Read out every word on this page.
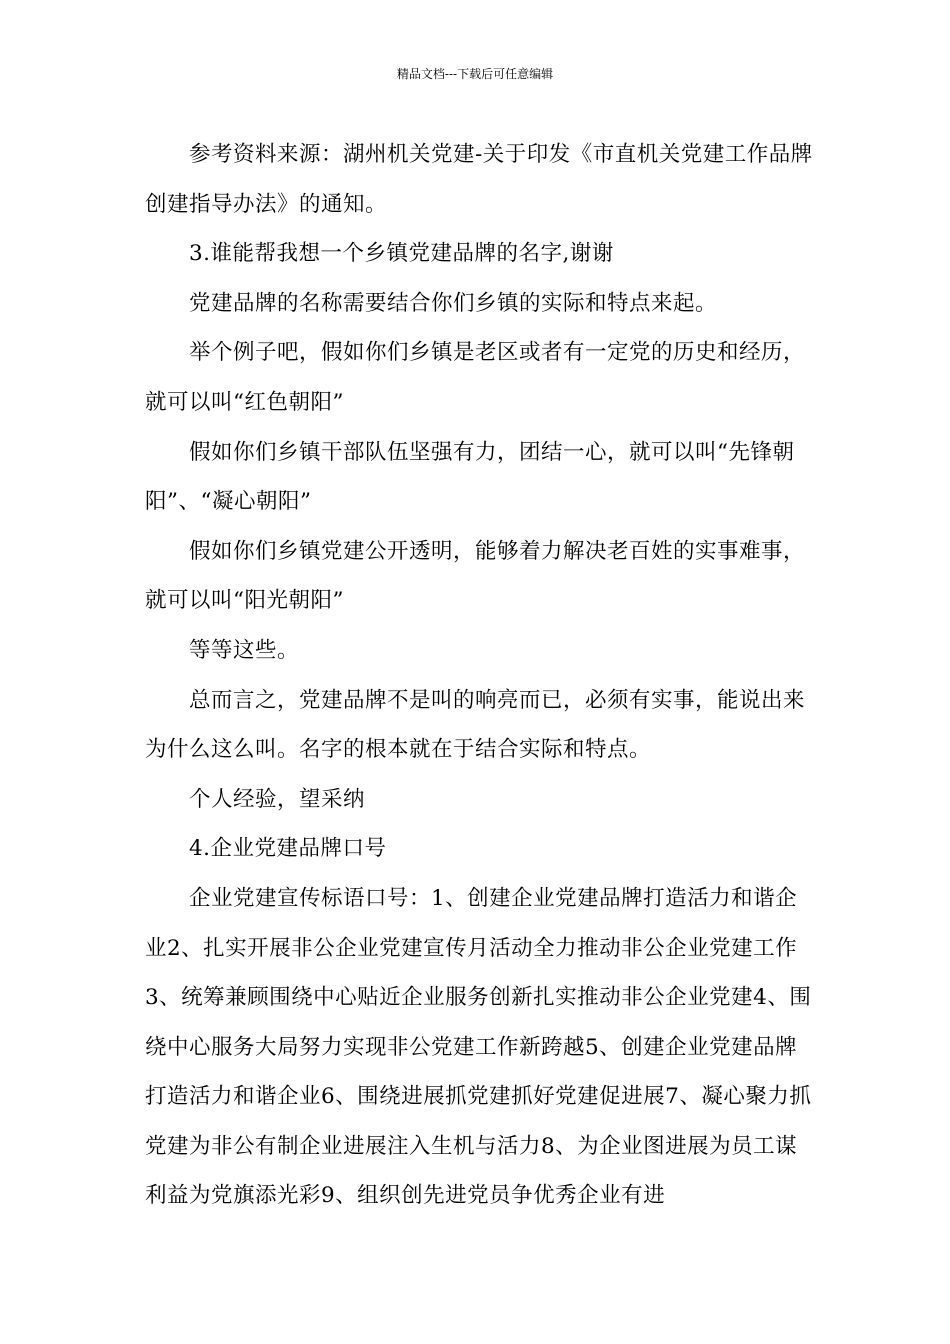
精品文档---下载后可任意编辑

参考资料来源：湖州机关党建-关于印发《市直机关党建工作品牌创建指导办法》的通知。

3.谁能帮我想一个乡镇党建品牌的名字,谢谢

党建品牌的名称需要结合你们乡镇的实际和特点来起。

举个例子吧，假如你们乡镇是老区或者有一定党的历史和经历，就可以叫“红色朝阳”

假如你们乡镇干部队伍坚强有力，团结一心，就可以叫“先锋朝阳”、“凝心朝阳”

假如你们乡镇党建公开透明，能够着力解决老百姓的实事难事，就可以叫“阳光朝阳”

等等这些。

总而言之，党建品牌不是叫的响亮而已，必须有实事，能说出来为什么这么叫。名字的根本就在于结合实际和特点。

个人经验，望采纳

4.企业党建品牌口号

企业党建宣传标语口号：1、创建企业党建品牌打造活力和谐企业2、扎实开展非公企业党建宣传月活动全力推动非公企业党建工作3、统筹兼顾围绕中心贴近企业服务创新扎实推动非公企业党建4、围绕中心服务大局努力实现非公党建工作新跨越5、创建企业党建品牌打造活力和谐企业6、围绕进展抓党建抓好党建促进展7、凝心聚力抓党建为非公有制企业进展注入生机与活力8、为企业图进展为员工谋利益为党旗添光彩9、组织创先进党员争优秀企业有进
